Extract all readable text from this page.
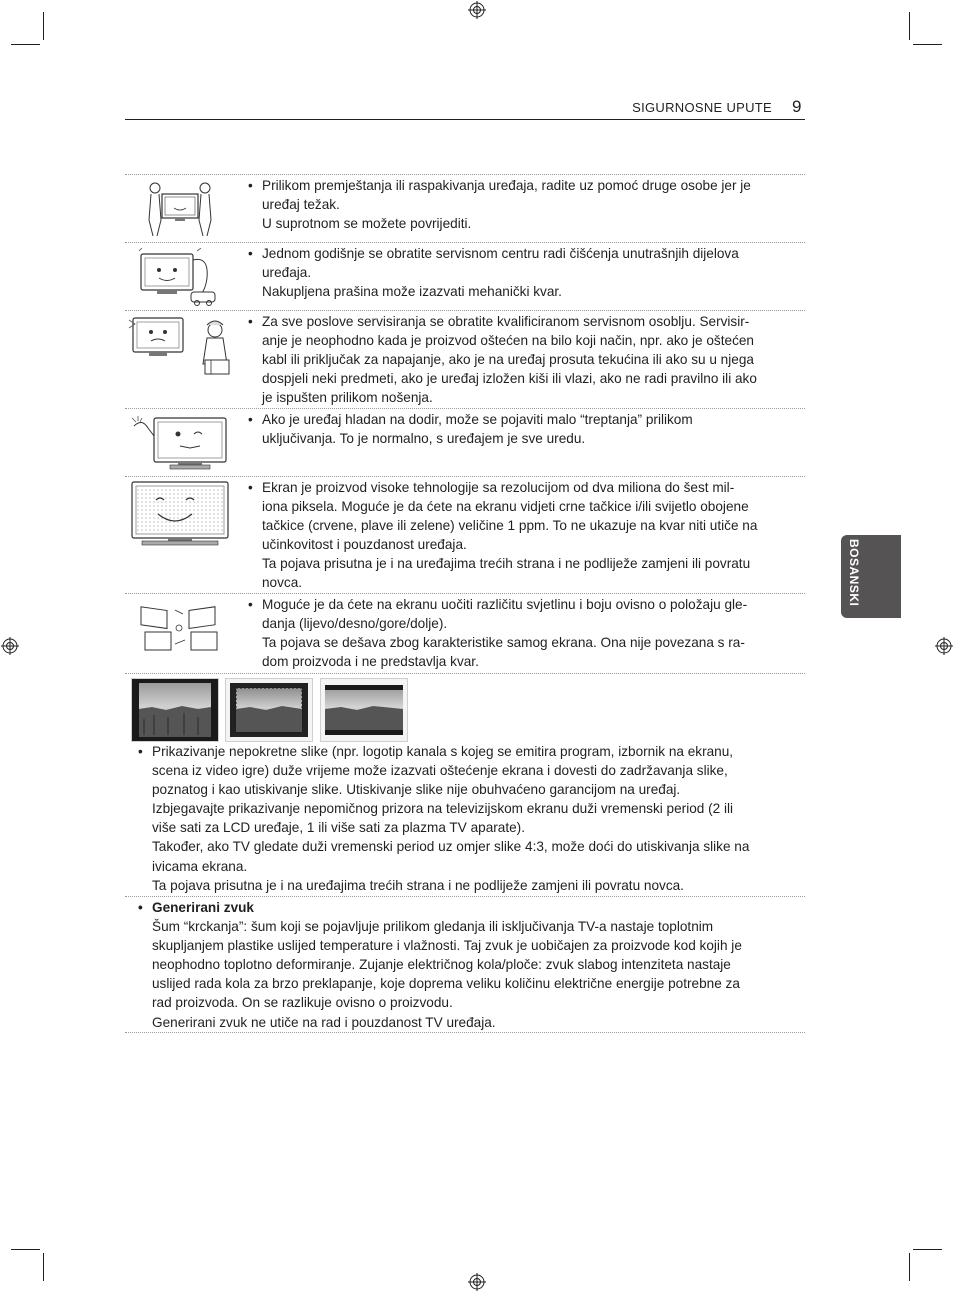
SIGURNOSNE UPUTE 9
BOSANSKI
• Prilikom premještanja ili raspakivanja uređaja, radite uz pomoć druge osobe jer je

uređaj težak.

U suprotnom se možete povrijediti.

• Jednom godišnje se obratite servisnom centru radi čišćenja unutrašnjih dijelova

uređaja.

Nakupljena prašina može izazvati mehanički kvar.

• Za sve poslove servisiranja se obratite kvalificiranom servisnom osoblju. Servisir-

anje je neophodno kada je proizvod oštećen na bilo koji način, npr. ako je oštećen

kabl ili priključak za napajanje, ako je na uređaj prosuta tekućina ili ako su u njega

dospjeli neki predmeti, ako je uređaj izložen kiši ili vlazi, ako ne radi pravilno ili ako

je ispušten prilikom nošenja.

• Ako je uređaj hladan na dodir, može se pojaviti malo “treptanja” prilikom

uključivanja. To je normalno, s uređajem je sve uredu.

• Ekran je proizvod visoke tehnologije sa rezolucijom od dva miliona do šest mil-

iona piksela. Moguće je da ćete na ekranu vidjeti crne tačkice i/ili svijetlo obojene

tačkice (crvene, plave ili zelene) veličine 1 ppm. To ne ukazuje na kvar niti utiče na

učinkovitost i pouzdanost uređaja.

Ta pojava prisutna je i na uređajima trećih strana i ne podliježe zamjeni ili povratu

novca.

• Moguće je da ćete na ekranu uočiti različitu svjetlinu i boju ovisno o položaju gle-

danja (lijevo/desno/gore/dolje).

Ta pojava se dešava zbog karakteristike samog ekrana. Ona nije povezana s ra-

dom proizvoda i ne predstavlja kvar.

• Prikazivanje nepokretne slike (npr. logotip kanala s kojeg se emitira program, izbornik na ekranu,

scena iz video igre) duže vrijeme može izazvati oštećenje ekrana i dovesti do zadržavanja slike,

poznatog i kao utiskivanje slike. Utiskivanje slike nije obuhvaćeno garancijom na uređaj.

Izbjegavajte prikazivanje nepomičnog prizora na televizijskom ekranu duži vremenski period (2 ili

više sati za LCD uređaje, 1 ili više sati za plazma TV aparate).

Također, ako TV gledate duži vremenski period uz omjer slike 4:3, može doći do utiskivanja slike na

ivicama ekrana.

Ta pojava prisutna je i na uređajima trećih strana i ne podliježe zamjeni ili povratu novca.

• Generirani zvuk

Šum “krckanja”: šum koji se pojavljuje prilikom gledanja ili isključivanja TV-a nastaje toplotnim

skupljanjem plastike uslijed temperature i vlažnosti. Taj zvuk je uobičajen za proizvode kod kojih je

neophodno toplotno deformiranje. Zujanje električnog kola/ploče: zvuk slabog intenziteta nastaje

uslijed rada kola za brzo preklapanje, koje doprema veliku količinu električne energije potrebne za

rad proizvoda. On se razlikuje ovisno o proizvodu.

Generirani zvuk ne utiče na rad i pouzdanost TV uređaja.
